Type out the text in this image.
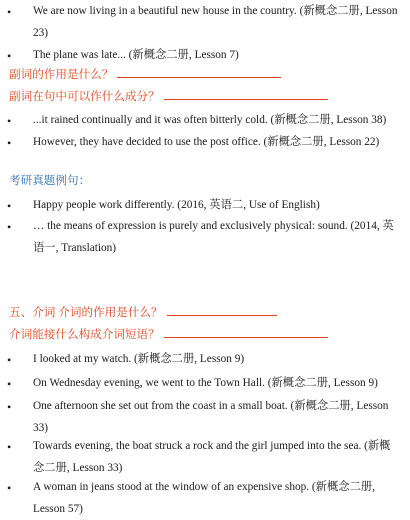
• We are now living in a beautiful new house in the country. (新概念二册, Lesson 23)
• The plane was late... (新概念二册, Lesson 7)
副词的作用是什么？
副词在句中可以作什么成分？
• ...it rained continually and it was often bitterly cold. (新概念二册, Lesson 38)
• However, they have decided to use the post office. (新概念二册, Lesson 22)
考研真题例句：
• Happy people work differently. (2016, 英语二, Use of English)
• … the means of expression is purely and exclusively physical: sound. (2014, 英语一, Translation)
五、介词 介词的作用是什么？
介词能接什么构成介词短语？
• I looked at my watch. (新概念二册, Lesson 9)
• On Wednesday evening, we went to the Town Hall. (新概念二册, Lesson 9)
• One afternoon she set out from the coast in a small boat. (新概念二册, Lesson 33)
• Towards evening, the boat struck a rock and the girl jumped into the sea. (新概念二册, Lesson 33)
• A woman in jeans stood at the window of an expensive shop. (新概念二册, Lesson 57)
